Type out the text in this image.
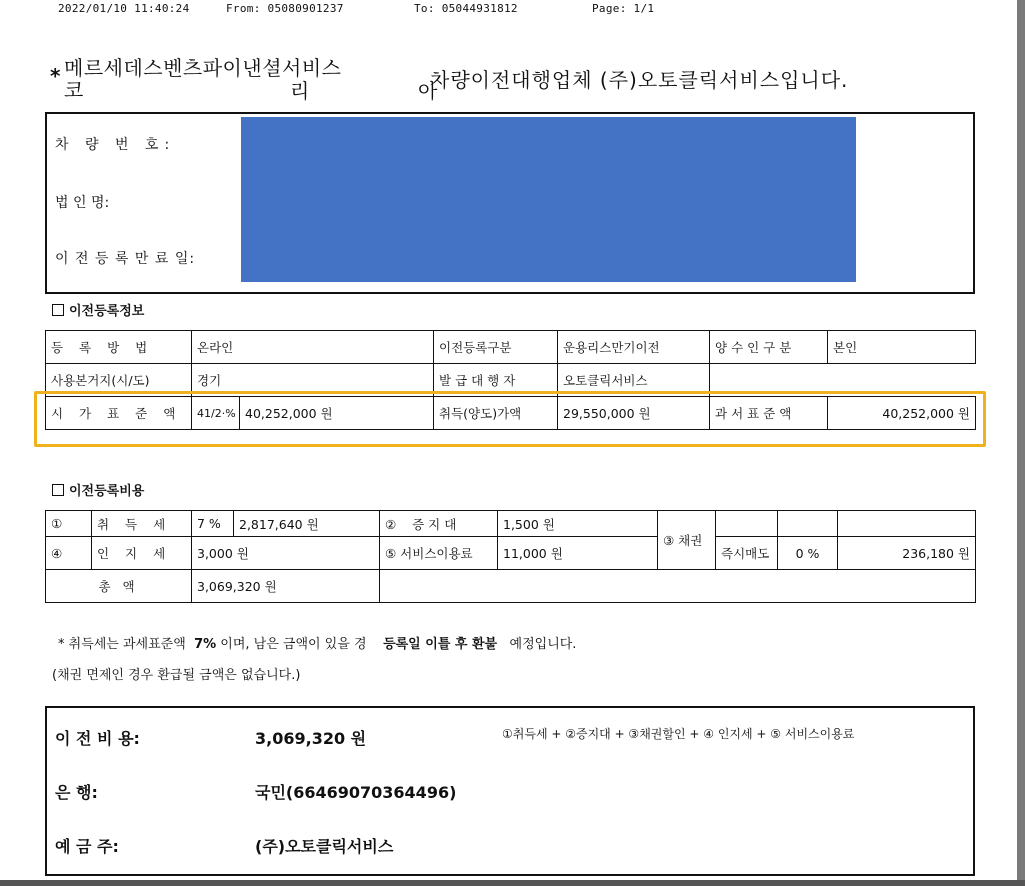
2022/01/10 11:40:24	From: 05080901237	To: 05044931812	Page: 1/1
* 메르세데스벤츠파이낸셜서비스
코	리	아
차량이전대행업체 (주)오토클릭서비스입니다.
차 량 번 호:
법 인 명:
이 전 등 록 만 료 일:
이전등록정보
등 록 방 법	온라인		이전등록구분	운용리스만기이전	양 수 인 구 분	본인
사용본거지(시/도)	경기		발 급 대 행 자	오토클릭서비스		
시 가 표 준 액	41/2·%	40,252,000 원	취득(양도)가액	29,550,000 원	과 서 표 준 액	40,252,000 원
이전등록비용
①	취 득 세	7 %	2,817,640 원	② 증 지 대	1,500 원	③ 채권			
④	인 지 세	3,000 원		⑤ 서비스이용료	11,000 원		즉시매도	0 %	236,180 원
총 액		3,069,320 원							
* 취득세는 과세표준액 7% 이며, 남은 금액이 있을 경 등록일 이틀 후 환불 예정입니다.
(채권 면제인 경우 환급될 금액은 없습니다.)
이 전 비 용:	3,069,320 원	①취득세 + ②증지대 + ③채권할인 + ④ 인지세 + ⑤ 서비스이용료
은 행:	국민(66469070364496)
예 금 주:	(주)오토클릭서비스
